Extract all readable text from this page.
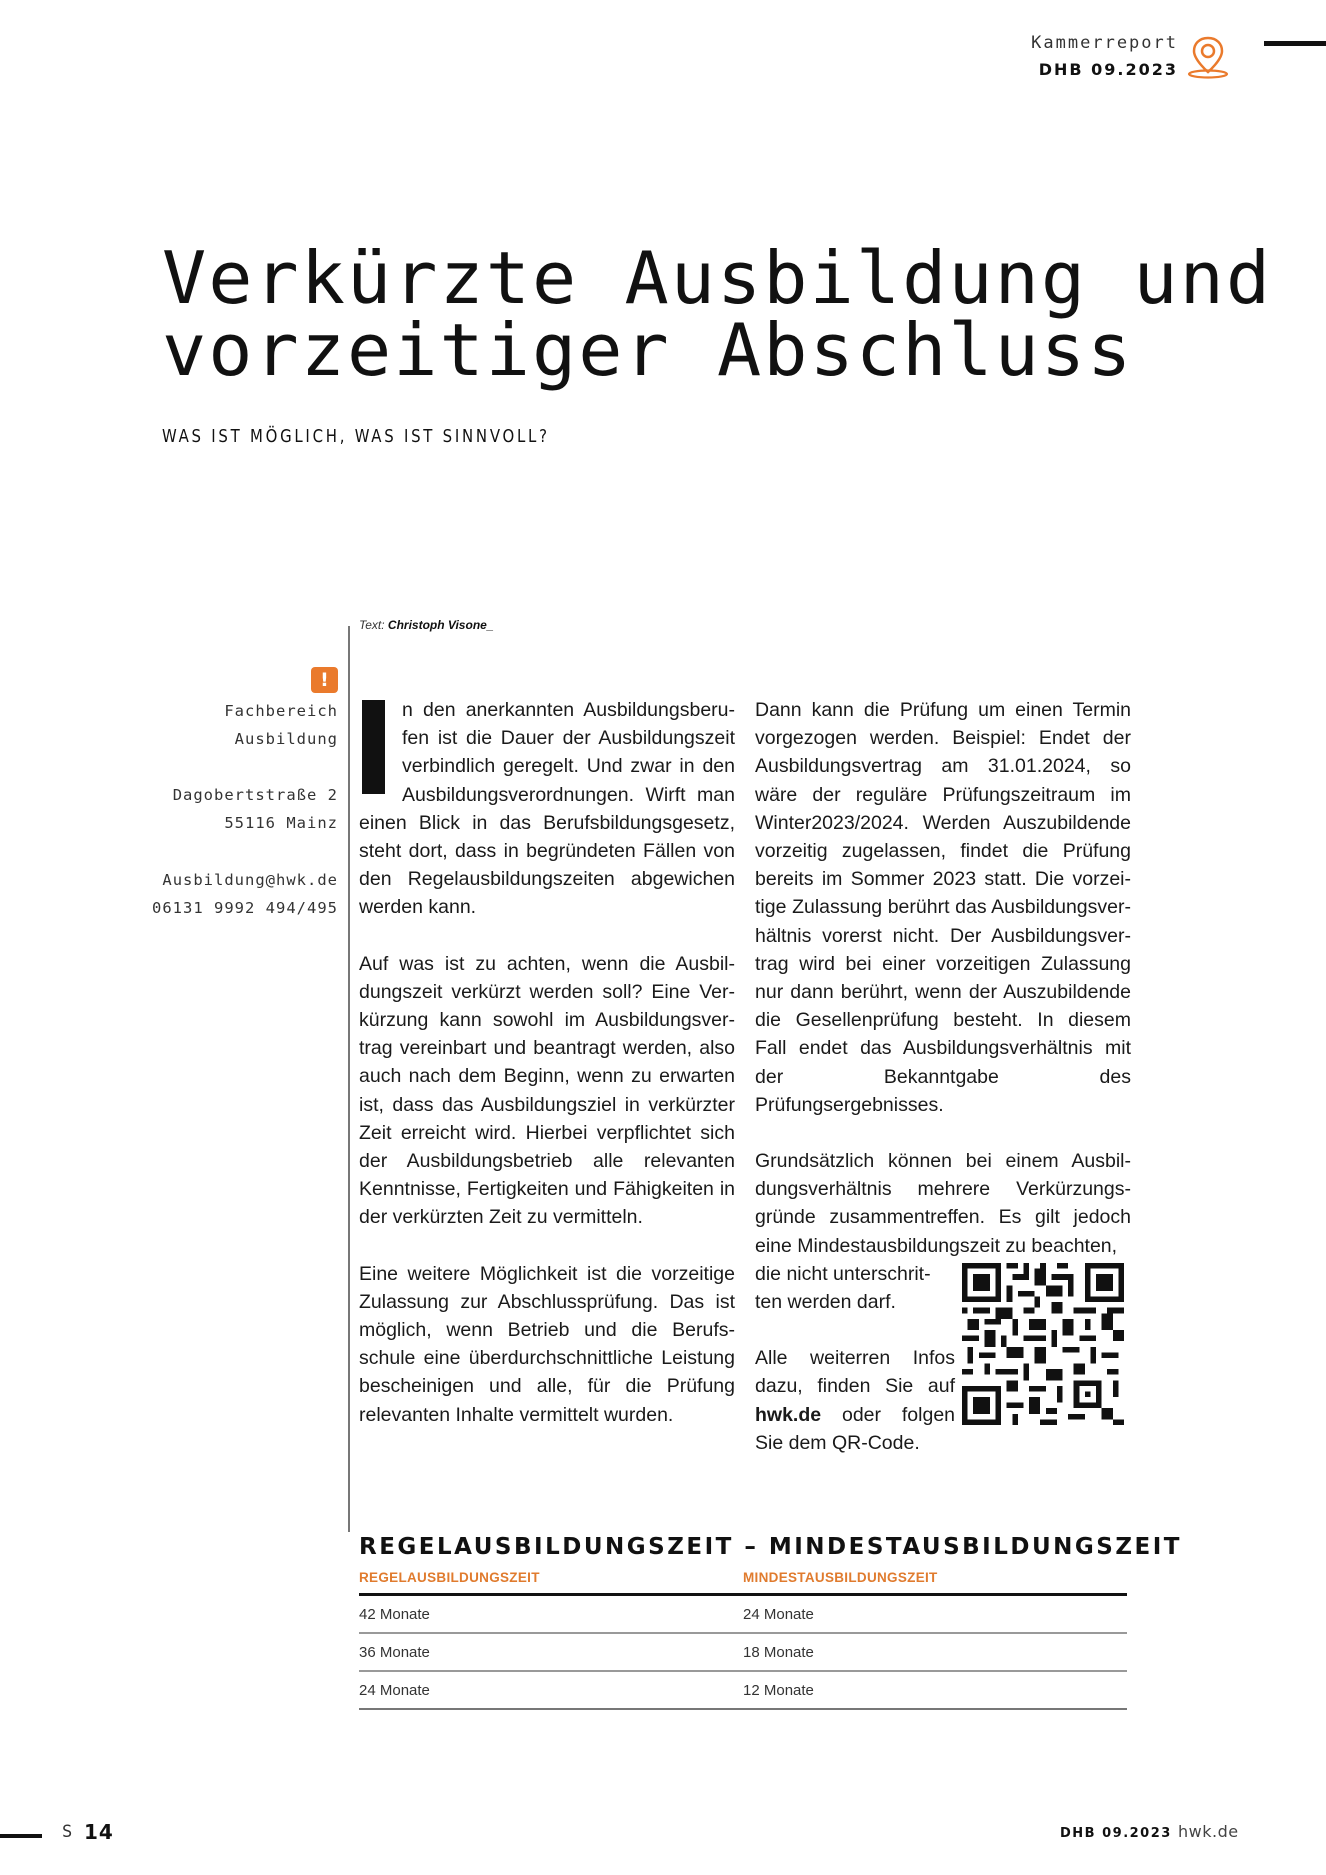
Kammerreport
DHB 09.2023
Verkürzte Ausbildung und
vorzeitiger Abschluss
WAS IST MÖGLICH, WAS IST SINNVOLL?
Text: Christoph Visone_
!
Fachbereich
Ausbildung
Dagobertstraße 2
55116 Mainz
Ausbildung@hwk.de
06131 9992 494/495

n den anerkannten Ausbildungsberufen ist die Dauer der Ausbildungszeit verbindlich geregelt. Und zwar in den Ausbildungsverordnungen. Wirft man einen Blick in das Berufsbildungsgesetz, steht dort, dass in begründeten Fällen von den Regelausbildungszeiten abgewichen werden kann.

Auf was ist zu achten, wenn die Ausbildungszeit verkürzt werden soll? Eine Verkürzung kann sowohl im Ausbildungsvertrag vereinbart und beantragt werden, also auch nach dem Beginn, wenn zu erwarten ist, dass das Ausbildungsziel in verkürzter Zeit erreicht wird. Hierbei verpflichtet sich der Ausbildungsbetrieb alle relevanten Kenntnisse, Fertigkeiten und Fähigkeiten in der verkürzten Zeit zu vermitteln.

Eine weitere Möglichkeit ist die vorzeitige Zulassung zur Abschlussprüfung. Das ist möglich, wenn Betrieb und die Berufsschule eine überdurchschnittliche Leistung bescheinigen und alle, für die Prüfung relevanten Inhalte vermittelt wurden.

Dann kann die Prüfung um einen Termin vorgezogen werden. Beispiel: Endet der Ausbildungsvertrag am 31.01.2024, so wäre der reguläre Prüfungszeitraum im Winter2023/2024. Werden Auszubildende vorzeitig zugelassen, findet die Prüfung bereits im Sommer 2023 statt. Die vorzeitige Zulassung berührt das Ausbildungsverhältnis vorerst nicht. Der Ausbildungsvertrag wird bei einer vorzeitigen Zulassung nur dann berührt, wenn der Auszubildende die Gesellenprüfung besteht. In diesem Fall endet das Ausbildungsverhältnis mit der Bekanntgabe des Prüfungsergebnisses.

Grundsätzlich können bei einem Ausbildungsverhältnis mehrere Verkürzungsgründe zusammentreffen. Es gilt jedoch eine Mindestausbildungszeit zu beachten,

die nicht unterschritten werden darf.

Alle weiterren Infos dazu, finden Sie auf hwk.de oder folgen Sie dem QR-Code.

REGELAUSBILDUNGSZEIT – MINDESTAUSBILDUNGSZEIT
REGELAUSBILDUNGSZEIT	MINDESTAUSBILDUNGSZEIT
42 Monate	24 Monate
36 Monate	18 Monate
24 Monate	12 Monate
S 14	DHB 09.2023 hwk.de
